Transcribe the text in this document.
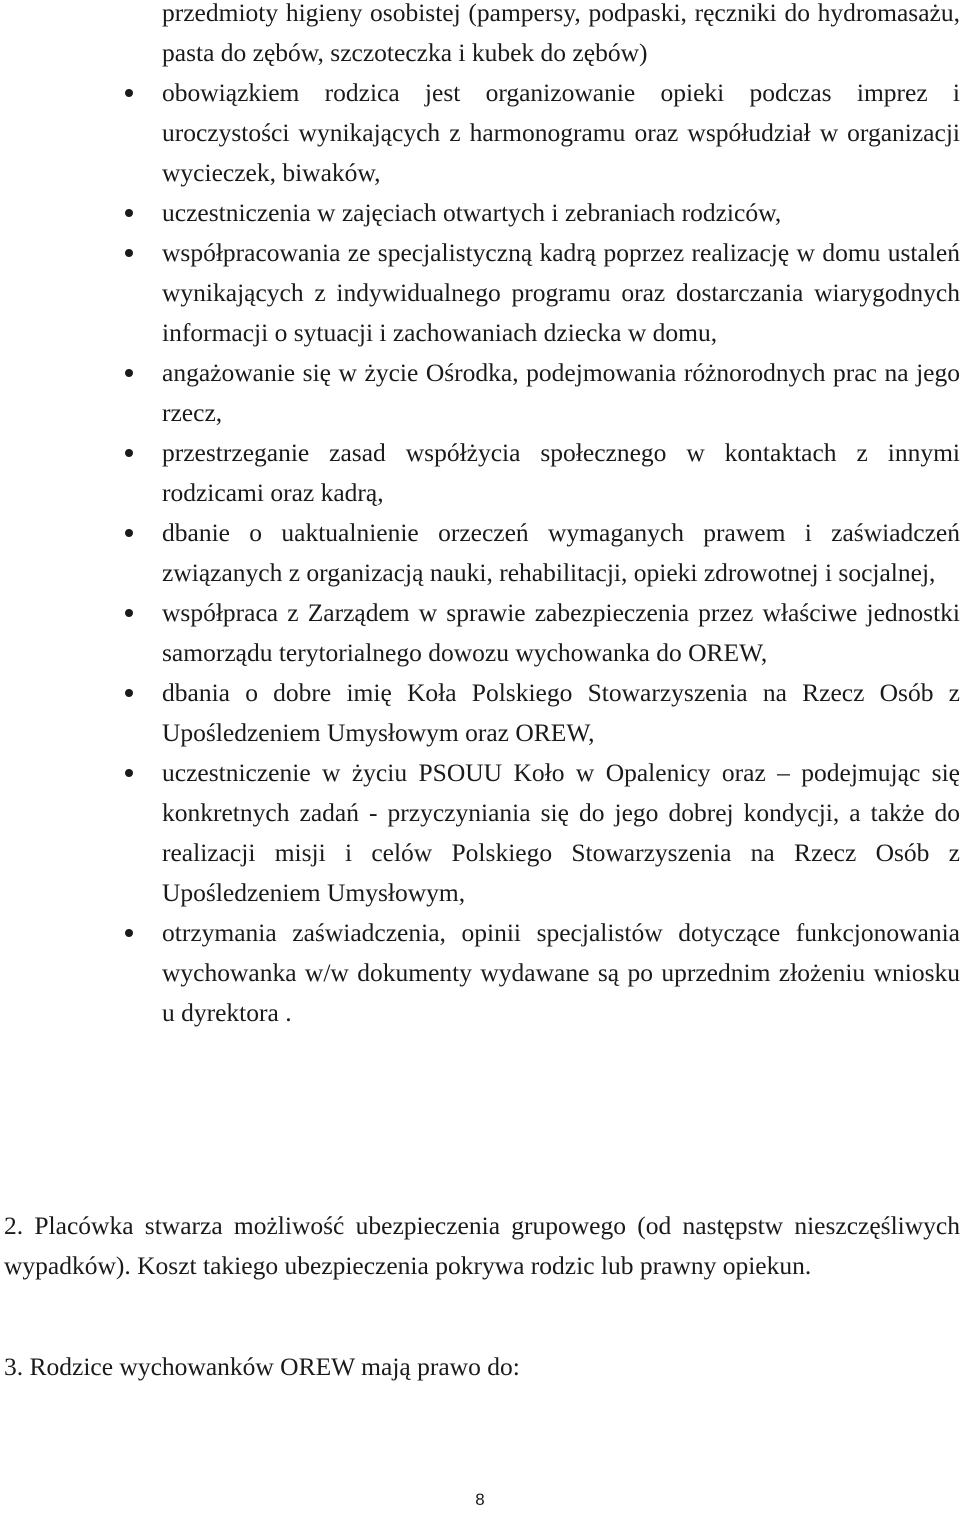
przedmioty higieny osobistej (pampersy, podpaski, ręczniki do hydromasażu, pasta do zębów, szczoteczka i kubek do zębów)

obowiązkiem rodzica jest organizowanie opieki podczas imprez i uroczystości wynikających z harmonogramu oraz współudział w organizacji wycieczek, biwaków,
uczestniczenia w zajęciach otwartych i zebraniach rodziców,
współpracowania ze specjalistyczną kadrą poprzez realizację w domu ustaleń wynikających z indywidualnego programu oraz dostarczania wiarygodnych informacji o sytuacji i zachowaniach dziecka w domu,
angażowanie się w życie Ośrodka, podejmowania różnorodnych prac na jego rzecz,
przestrzeganie zasad współżycia społecznego w kontaktach z innymi rodzicami oraz kadrą,
dbanie o uaktualnienie orzeczeń wymaganych prawem i zaświadczeń związanych z organizacją nauki, rehabilitacji, opieki zdrowotnej i socjalnej,
współpraca z Zarządem w sprawie zabezpieczenia przez właściwe jednostki samorządu terytorialnego dowozu wychowanka do OREW,
dbania o dobre imię Koła Polskiego Stowarzyszenia na Rzecz Osób z Upośledzeniem Umysłowym oraz OREW,
uczestniczenie w życiu PSOUU Koło w Opalenicy oraz – podejmując się konkretnych zadań - przyczyniania się do jego dobrej kondycji, a także do realizacji misji i celów Polskiego Stowarzyszenia na Rzecz Osób z Upośledzeniem Umysłowym,
otrzymania zaświadczenia, opinii specjalistów dotyczące funkcjonowania wychowanka w/w dokumenty wydawane są po uprzednim złożeniu wniosku u dyrektora .

2. Placówka stwarza możliwość ubezpieczenia grupowego (od następstw nieszczęśliwych wypadków). Koszt takiego ubezpieczenia pokrywa rodzic lub prawny opiekun.

3. Rodzice wychowanków OREW mają prawo do:

8
